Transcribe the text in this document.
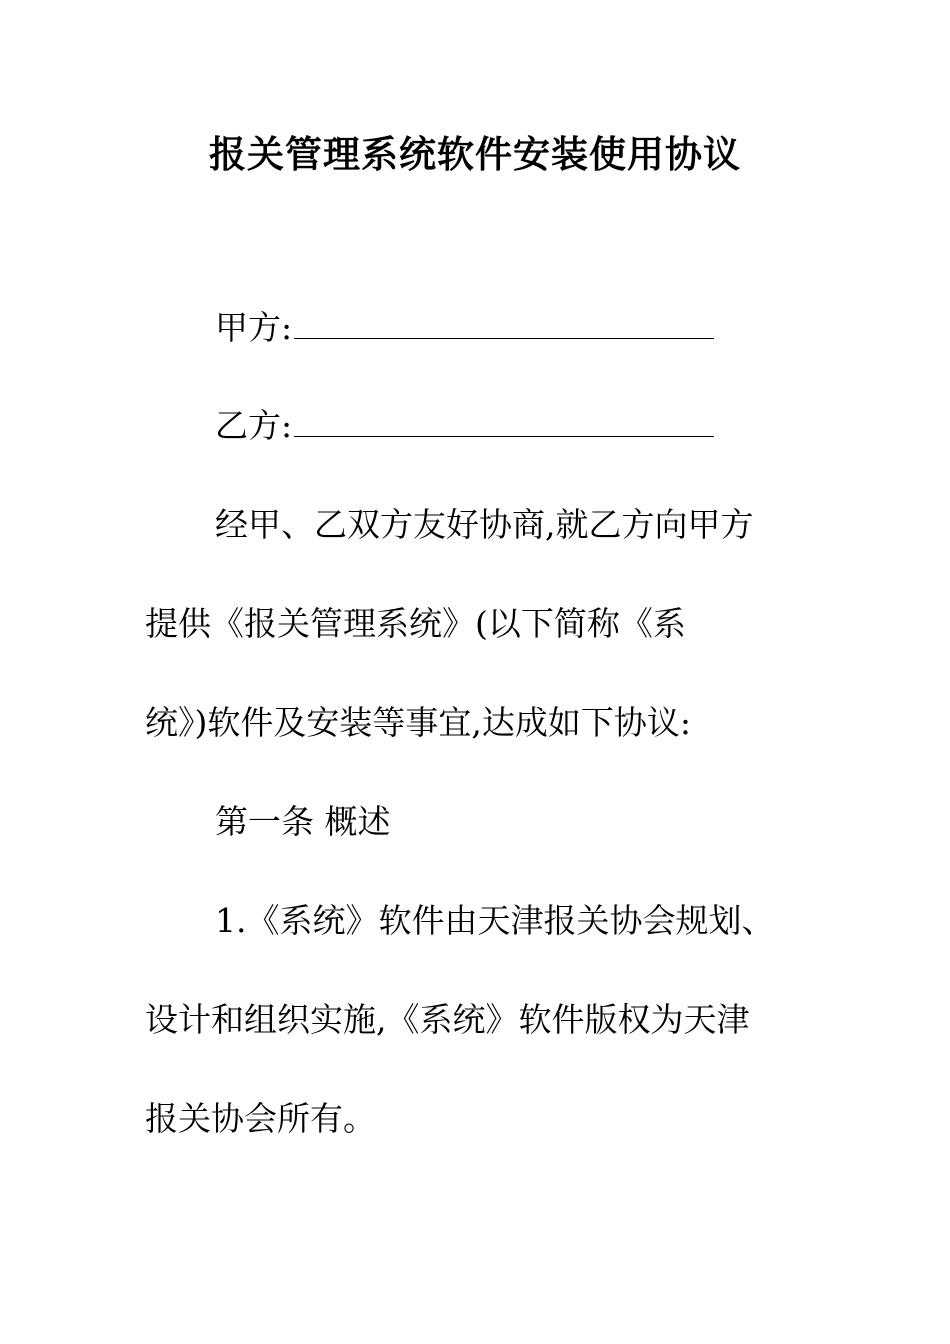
报关管理系统软件安装使用协议
甲方:
乙方:
经甲、乙双方友好协商,就乙方向甲方
提供《报关管理系统》(以下简称《系
统》)软件及安装等事宜,达成如下协议:
第一条 概述
1.《系统》软件由天津报关协会规划、
设计和组织实施,《系统》软件版权为天津
报关协会所有。
